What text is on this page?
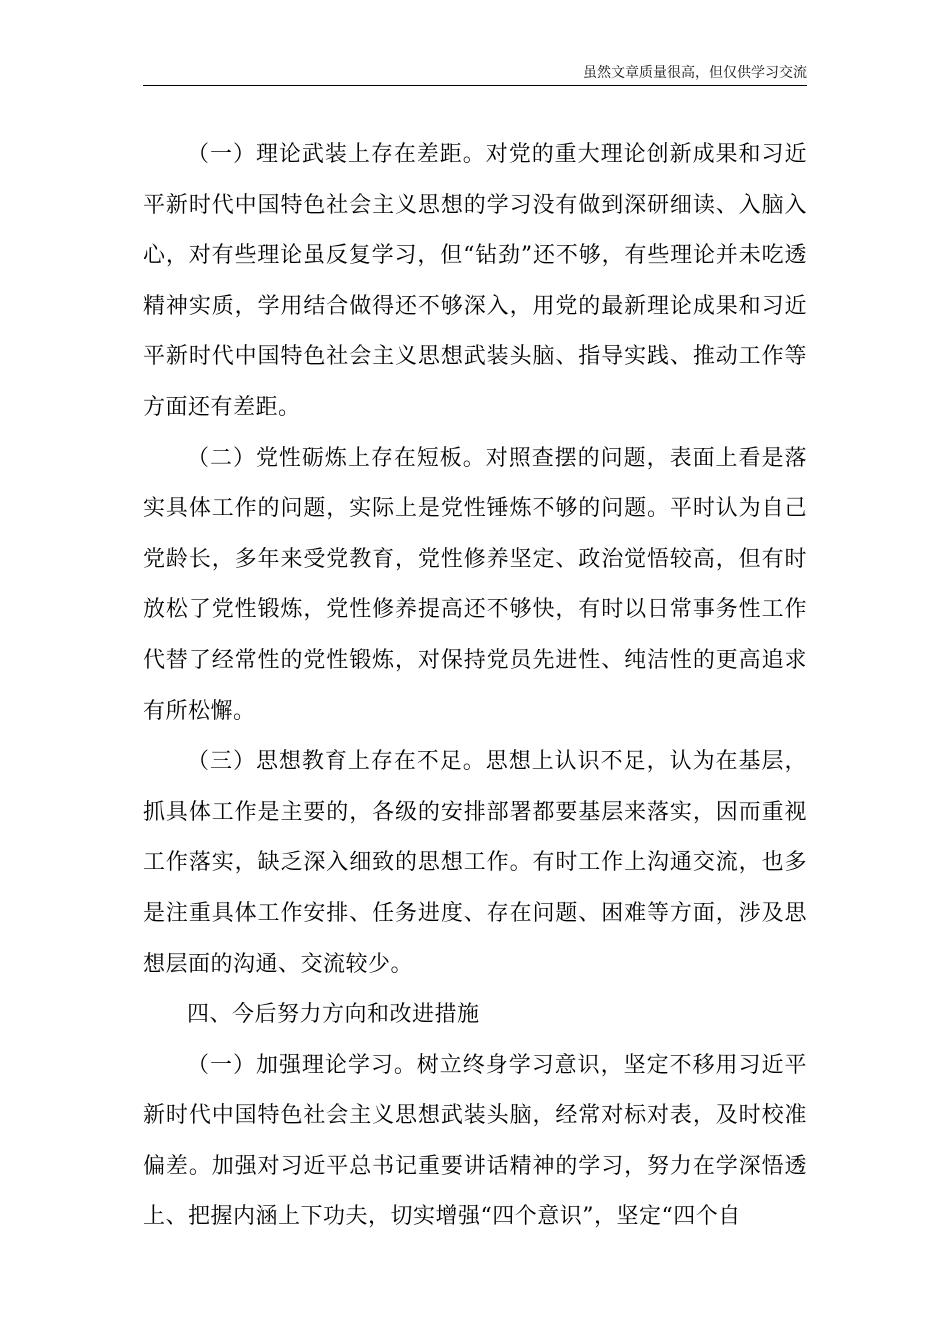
虽然文章质量很高，但仅供学习交流

（一）理论武装上存在差距。对党的重大理论创新成果和习近平新时代中国特色社会主义思想的学习没有做到深研细读、入脑入心，对有些理论虽反复学习，但“钻劲”还不够，有些理论并未吃透精神实质，学用结合做得还不够深入，用党的最新理论成果和习近平新时代中国特色社会主义思想武装头脑、指导实践、推动工作等方面还有差距。

（二）党性砺炼上存在短板。对照查摆的问题，表面上看是落实具体工作的问题，实际上是党性锤炼不够的问题。平时认为自己党龄长，多年来受党教育，党性修养坚定、政治觉悟较高，但有时放松了党性锻炼，党性修养提高还不够快，有时以日常事务性工作代替了经常性的党性锻炼，对保持党员先进性、纯洁性的更高追求有所松懈。

（三）思想教育上存在不足。思想上认识不足，认为在基层，抓具体工作是主要的，各级的安排部署都要基层来落实，因而重视工作落实，缺乏深入细致的思想工作。有时工作上沟通交流，也多是注重具体工作安排、任务进度、存在问题、困难等方面，涉及思想层面的沟通、交流较少。

四、今后努力方向和改进措施

（一）加强理论学习。树立终身学习意识，坚定不移用习近平新时代中国特色社会主义思想武装头脑，经常对标对表，及时校准偏差。加强对习近平总书记重要讲话精神的学习，努力在学深悟透上、把握内涵上下功夫，切实增强“四个意识”，坚定“四个自
